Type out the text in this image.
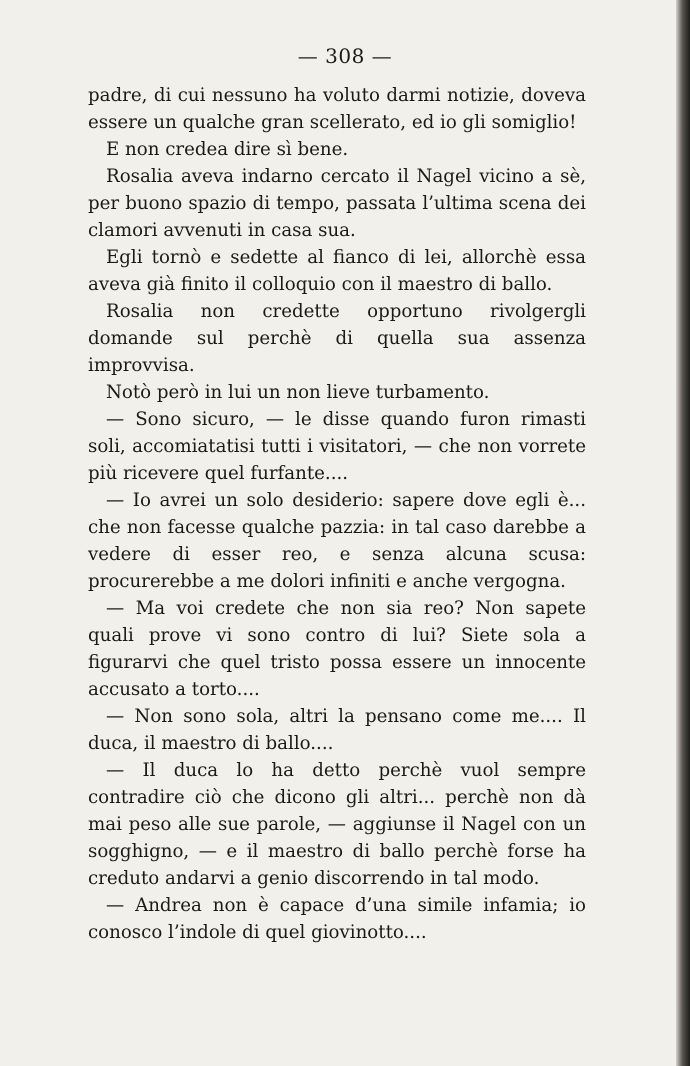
— 308 —

padre, di cui nessuno ha voluto darmi notizie, doveva essere un qualche gran scellerato, ed io gli somiglio!

E non credea dire sì bene.

Rosalia aveva indarno cercato il Nagel vicino a sè, per buono spazio di tempo, passata l’ultima scena dei clamori avvenuti in casa sua.

Egli tornò e sedette al fianco di lei, allorchè essa aveva già finito il colloquio con il maestro di ballo.

Rosalia non credette opportuno rivolgergli domande sul perchè di quella sua assenza improvvisa.

Notò però in lui un non lieve turbamento.

— Sono sicuro, — le disse quando furon rimasti soli, accomiatatisi tutti i visitatori, — che non vorrete più ricevere quel furfante....

— Io avrei un solo desiderio: sapere dove egli è... che non facesse qualche pazzia: in tal caso darebbe a vedere di esser reo, e senza alcuna scusa: procurerebbe a me dolori infiniti e anche vergogna.

— Ma voi credete che non sia reo? Non sapete quali prove vi sono contro di lui? Siete sola a figurarvi che quel tristo possa essere un innocente accusato a torto....

— Non sono sola, altri la pensano come me.... Il duca, il maestro di ballo....

— Il duca lo ha detto perchè vuol sempre contradire ciò che dicono gli altri... perchè non dà mai peso alle sue parole, — aggiunse il Nagel con un sogghigno, — e il maestro di ballo perchè forse ha creduto andarvi a genio discorrendo in tal modo.

— Andrea non è capace d’una simile infamia; io conosco l’indole di quel giovinotto....
